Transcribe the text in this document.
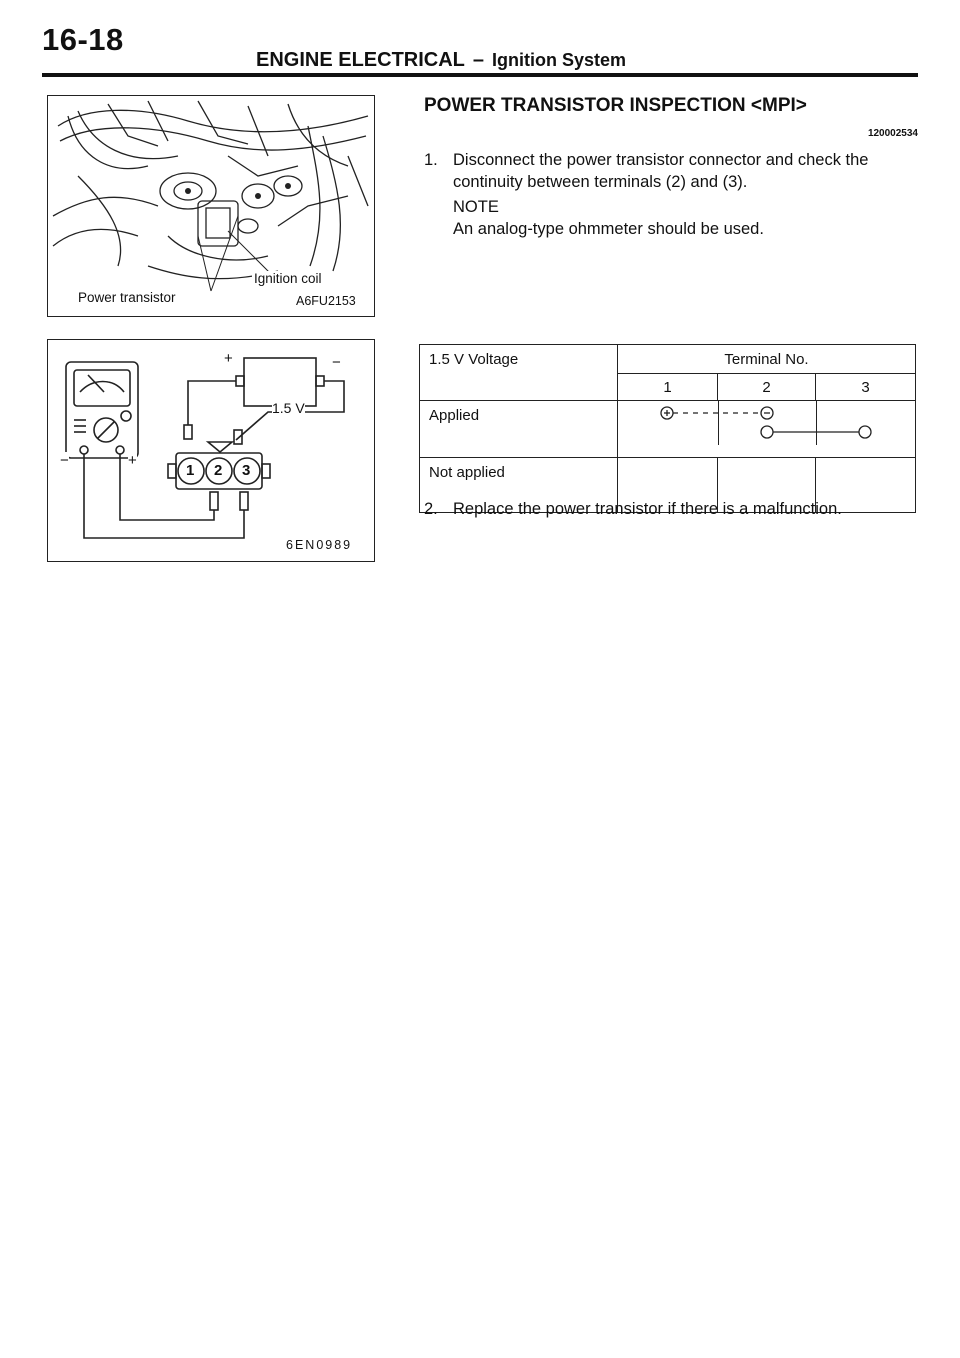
16-18
ENGINE ELECTRICAL – Ignition System
Ignition coil
Power transistor	A6FU2153
1.5 V
+	−
−	+
1 2 3
6EN0989
POWER TRANSISTOR INSPECTION <MPI>
120002534
1. Disconnect the power transistor connector and check the
continuity between terminals (2) and (3).
NOTE
An analog-type ohmmeter should be used.
1.5 V Voltage	Terminal No.		
	1	2	3
Applied	

Not applied			
2. Replace the power transistor if there is a malfunction.
